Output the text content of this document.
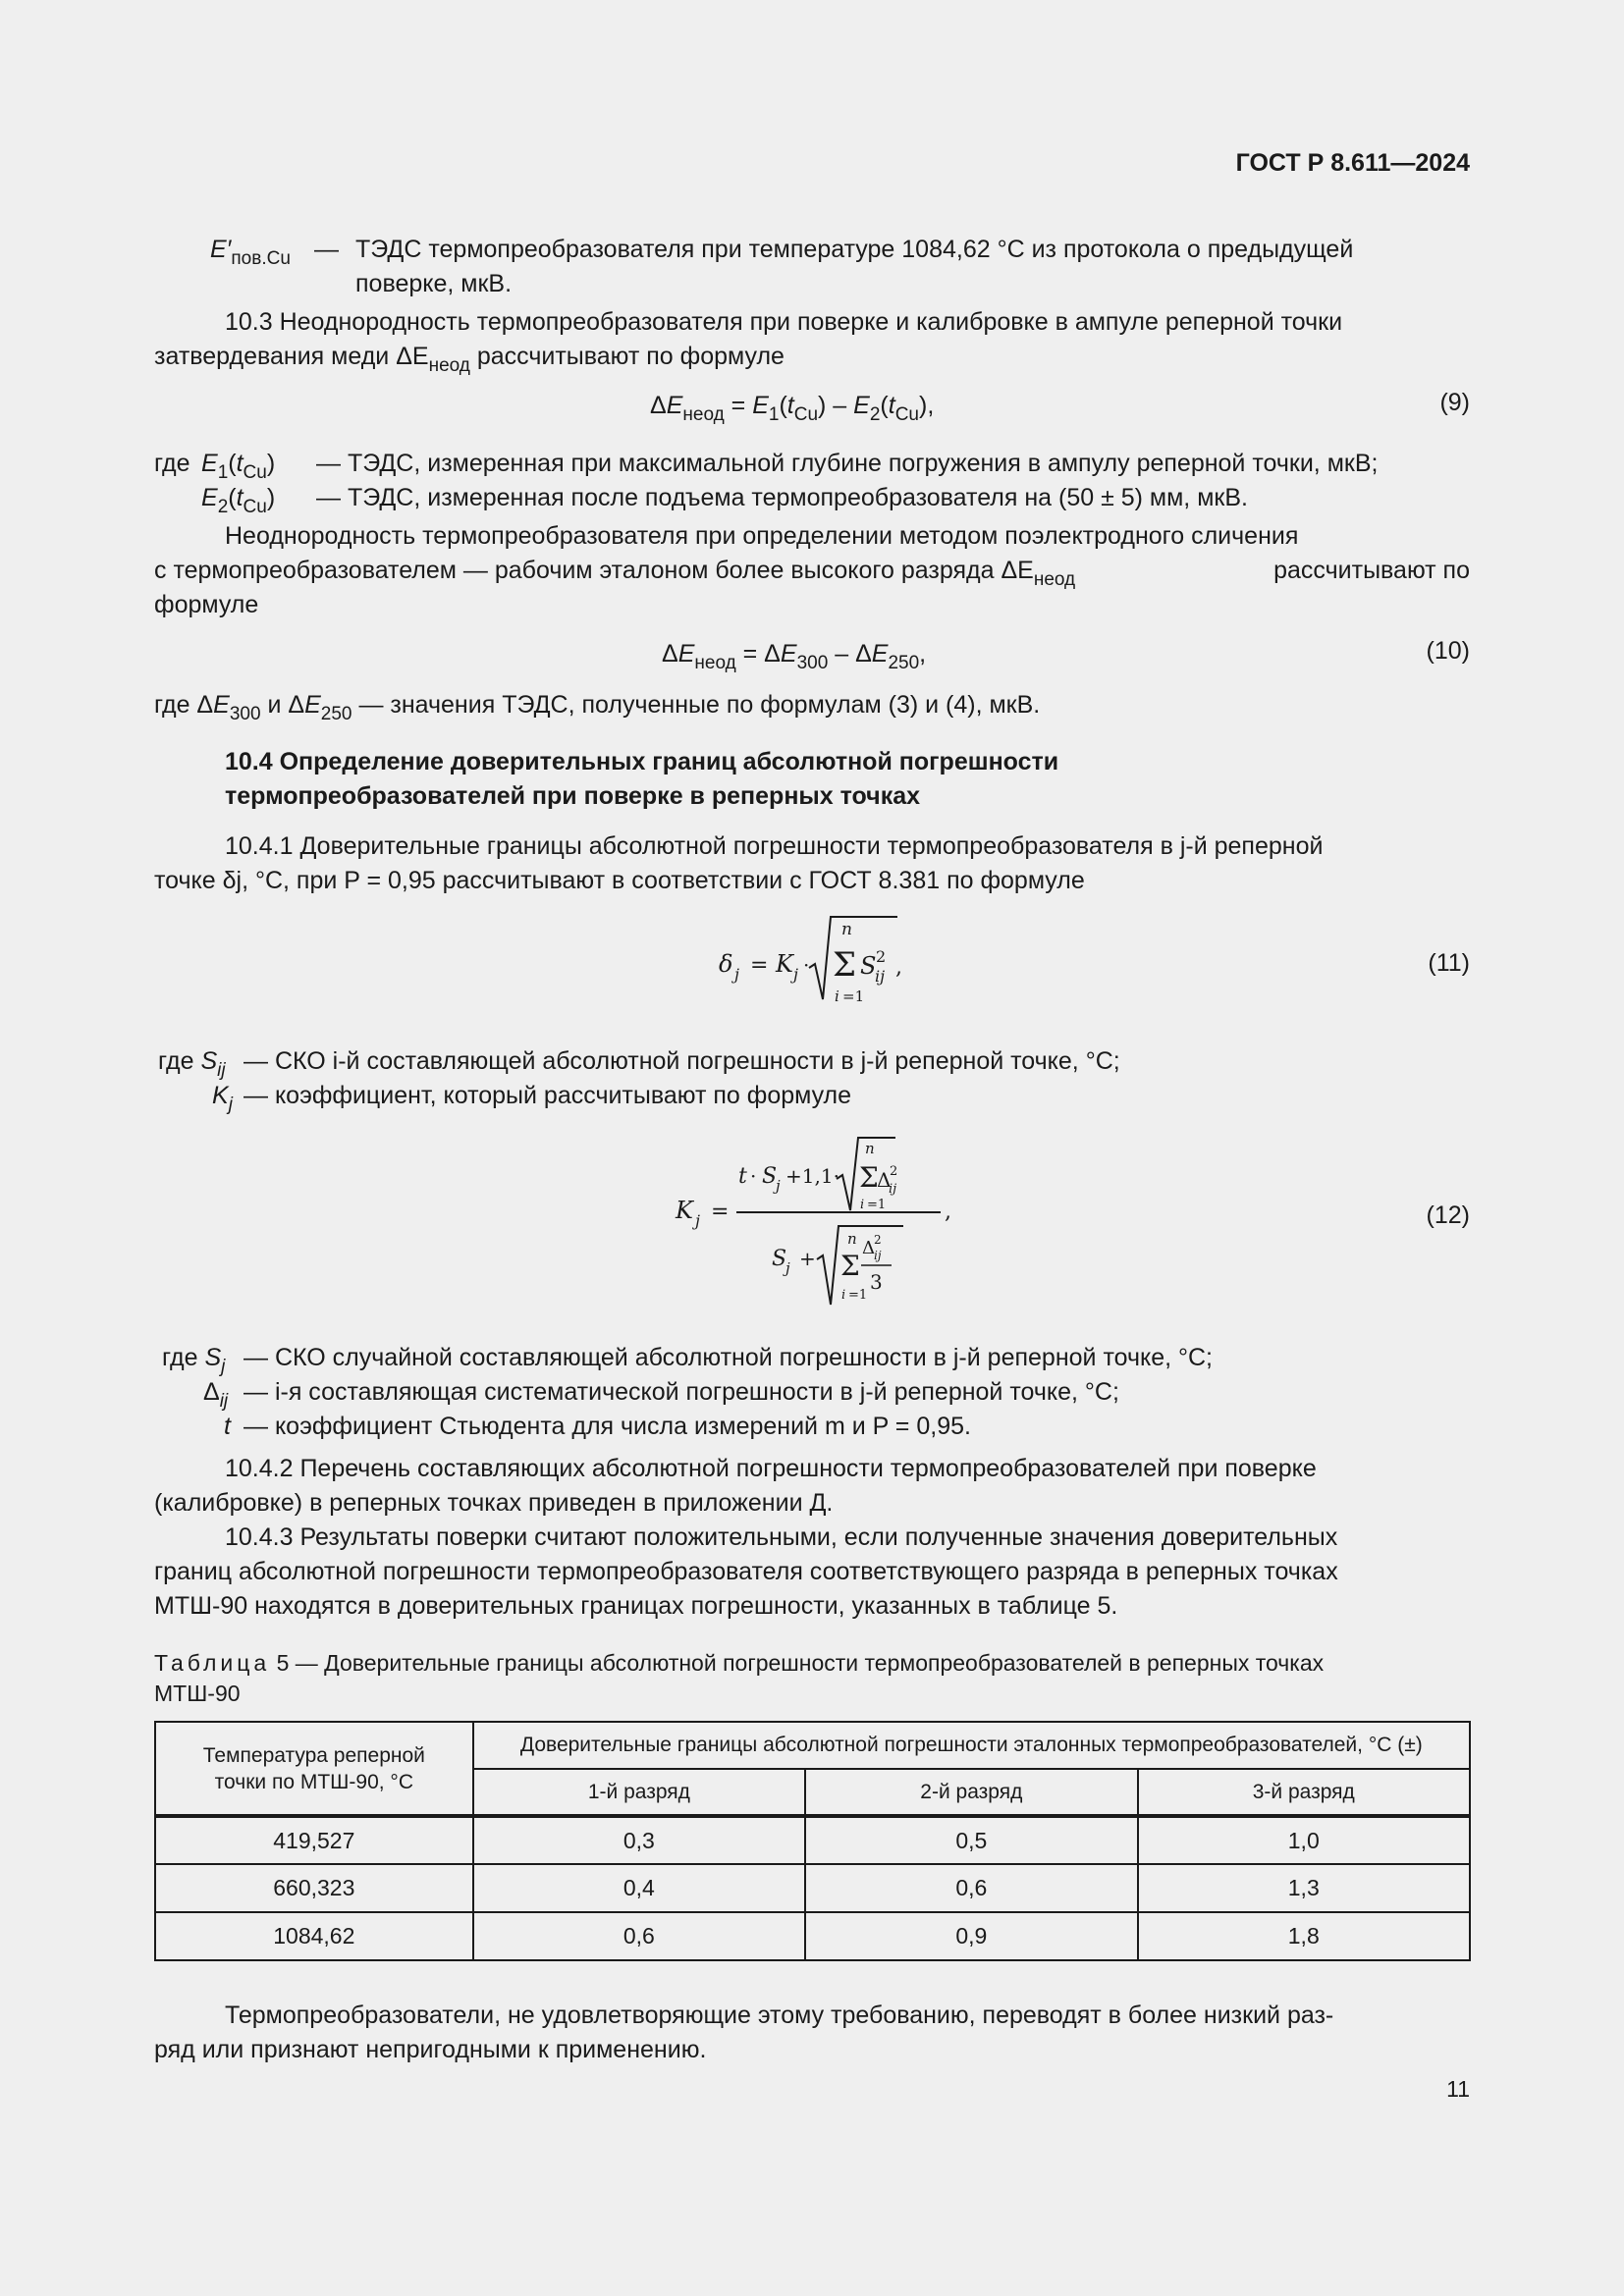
ГОСТ Р 8.611—2024
$E'_{пов.Cu}$ — ТЭДС термопреобразователя при температуре 1084,62 °С из протокола о предыдущей
поверке, мкВ.
10.3 Неоднородность термопреобразователя при поверке и калибровке в ампуле реперной точки
затвердевания меди $\Delta E_{неод}$ рассчитывают по формуле
$\Delta E_{неод} = E_1(t_{Cu}) - E_2(t_{Cu})$,	(9)
где $E_1(t_{Cu})$ — ТЭДС, измеренная при максимальной глубине погружения в ампулу реперной точки, мкВ;
$E_2(t_{Cu})$ — ТЭДС, измеренная после подъема термопреобразователя на (50 ± 5) мм, мкВ.
Неоднородность термопреобразователя при определении методом поэлектродного сличения
с термопреобразователем — рабочим эталоном более высокого разряда $\Delta E_{неод}$	рассчитывают по
формуле
$\Delta E_{неод} = \Delta E_{300} - \Delta E_{250}$,	(10)
где $\Delta E_{300}$ и $\Delta E_{250}$ — значения ТЭДС, полученные по формулам (3) и (4), мкВ.
10.4 Определение доверительных границ абсолютной погрешности
термопреобразователей при поверке в реперных точках
10.4.1 Доверительные границы абсолютной погрешности термопреобразователя в j-й реперной
точке δj, °С, при P = 0,95 рассчитывают в соответствии с ГОСТ 8.381 по формуле
δ j = K j ·
n
Σ
i =1
S 2
ij ,	(11)
где $S_{ij}$ — СКО i-й составляющей абсолютной погрешности в j-й реперной точке, °С;
$K_j$ — коэффициент, который рассчитывают по формуле
K j =
t · S
j +1,1·
n
Σ
i =1
Δ
2
ij
,
S
j +
n
Σ
i =1
Δ 2
ij
3
(12)
где $S_j$ — СКО случайной составляющей абсолютной погрешности в j-й реперной точке, °С;
$\Delta_{ij}$ — i-я составляющая систематической погрешности в j-й реперной точке, °С;
t — коэффициент Стьюдента для числа измерений m и P = 0,95.
10.4.2 Перечень составляющих абсолютной погрешности термопреобразователей при поверке
(калибровке) в реперных точках приведен в приложении Д.
10.4.3 Результаты поверки считают положительными, если полученные значения доверительных
границ абсолютной погрешности термопреобразователя соответствующего разряда в реперных точках
МТШ-90 находятся в доверительных границах погрешности, указанных в таблице 5.
Таблица 5 — Доверительные границы абсолютной погрешности термопреобразователей в реперных точках
МТШ-90
Температура реперной точки по МТШ-90, °С	Доверительные границы абсолютной погрешности эталонных термопреобразователей, °С (±)		
	1-й разряд	2-й разряд	3-й разряд
419,527	0,3	0,5	1,0
660,323	0,4	0,6	1,3
1084,62	0,6	0,9	1,8
Термопреобразователи, не удовлетворяющие этому требованию, переводят в более низкий раз-
ряд или признают непригодными к применению.
11
